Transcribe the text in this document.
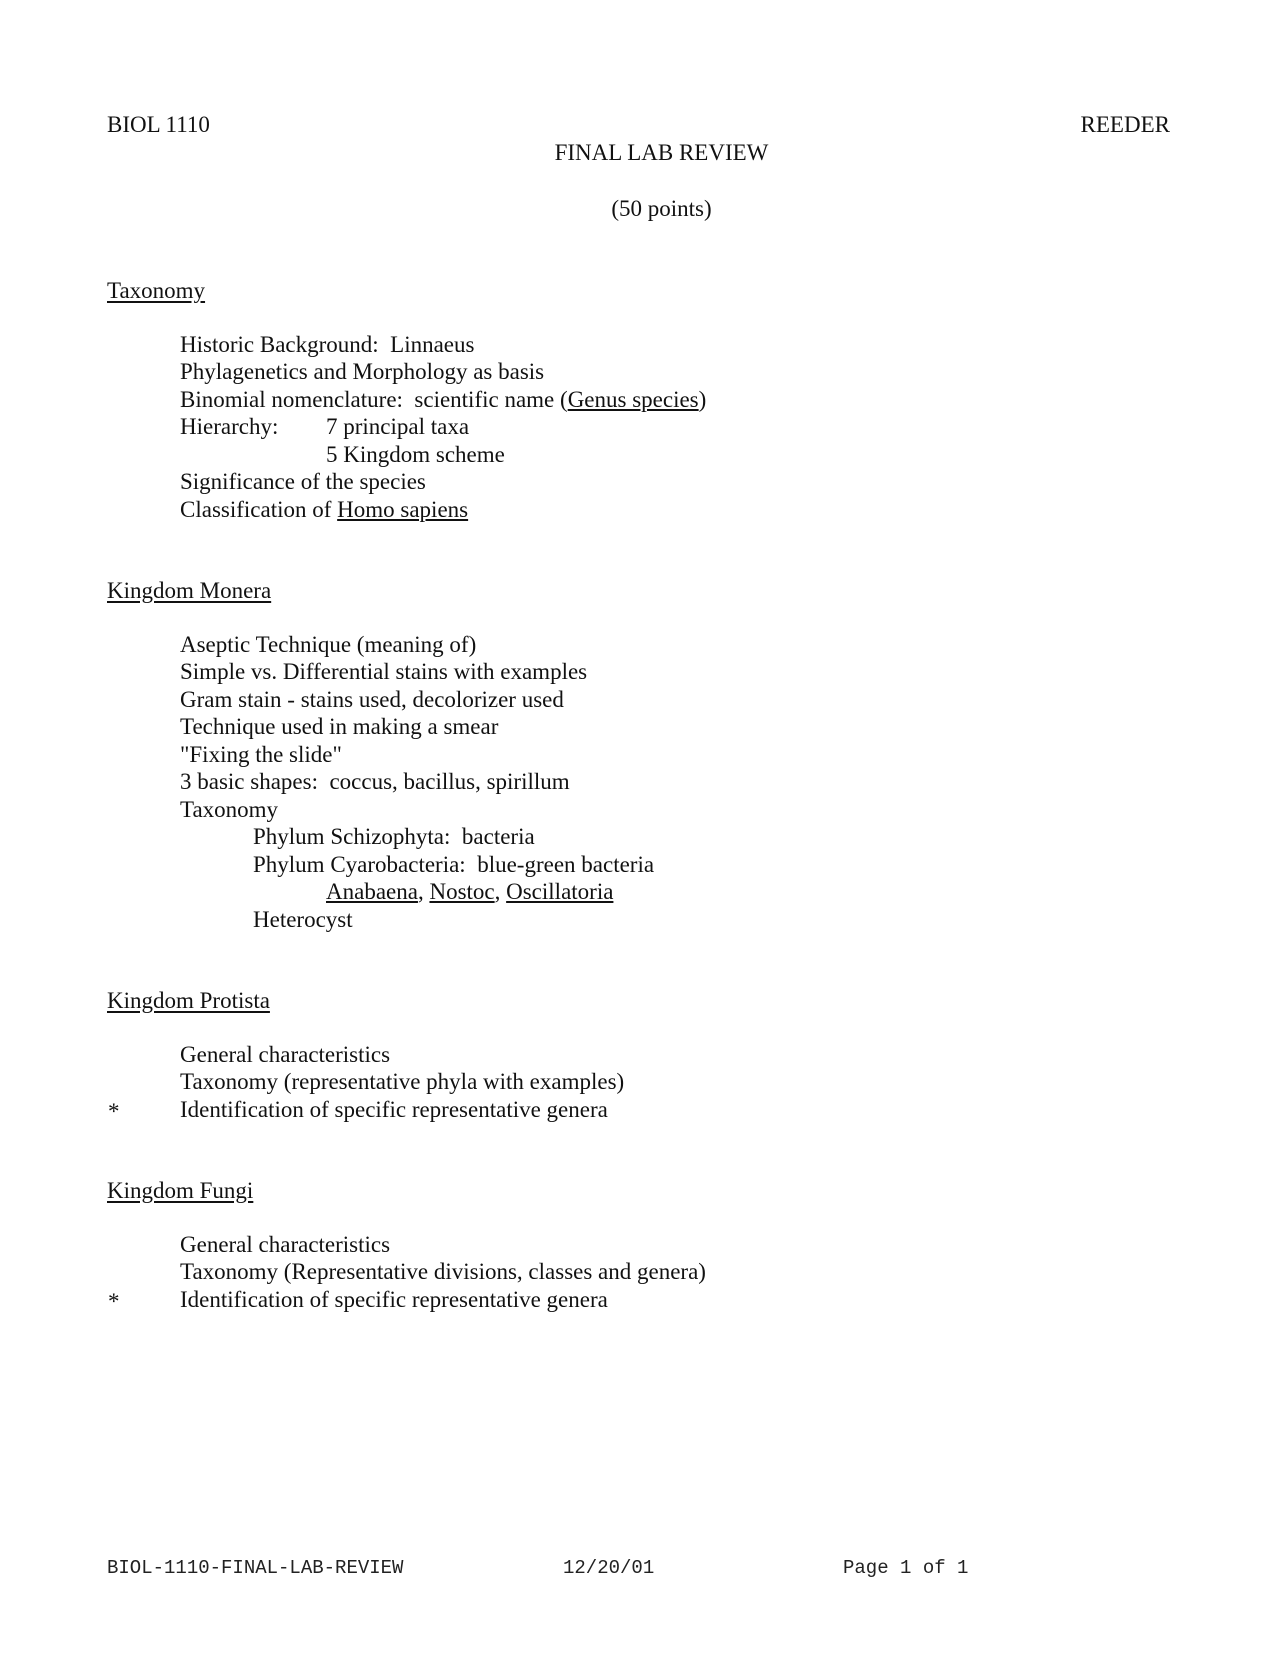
BIOL 1110

FINAL LAB REVIEW

(50 points)

REEDER
Taxonomy
Historic Background:  Linnaeus
Phylagenetics and Morphology as basis
Binomial nomenclature:  scientific name (Genus species)
Hierarchy: 7 principal taxa
5 Kingdom scheme
Significance of the species
Classification of Homo sapiens
Kingdom Monera
Aseptic Technique (meaning of)
Simple vs. Differential stains with examples
Gram stain - stains used, decolorizer used
Technique used in making a smear
"Fixing the slide"
3 basic shapes:  coccus, bacillus, spirillum
Taxonomy
Phylum Schizophyta:  bacteria
Phylum Cyarobacteria:  blue-green bacteria
Anabaena, Nostoc, Oscillatoria
Heterocyst
Kingdom Protista
General characteristics
Taxonomy (representative phyla with examples)
*	Identification of specific representative genera
Kingdom Fungi
General characteristics
Taxonomy (Representative divisions, classes and genera)
*	Identification of specific representative genera
BIOL-1110-FINAL-LAB-REVIEW	12/20/01	Page 1 of 1
